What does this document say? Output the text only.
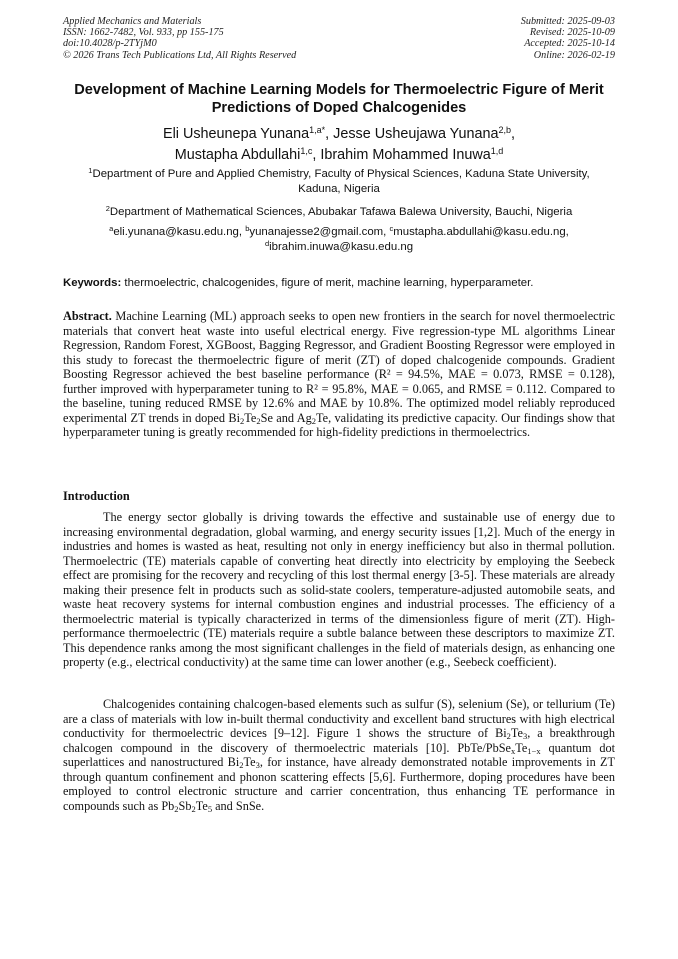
Applied Mechanics and Materials
ISSN: 1662-7482, Vol. 933, pp 155-175
doi:10.4028/p-2TYjM0
© 2026 Trans Tech Publications Ltd, All Rights Reserved
Submitted: 2025-09-03
Revised: 2025-10-09
Accepted: 2025-10-14
Online: 2026-02-19
Development of Machine Learning Models for Thermoelectric Figure of Merit Predictions of Doped Chalcogenides
Eli Usheunepa Yunana$^{1,a*}$, Jesse Usheujawa Yunana$^{2,b}$,
Mustapha Abdullahi$^{1,c}$, Ibrahim Mohammed Inuwa$^{1,d}$
$^1$Department of Pure and Applied Chemistry, Faculty of Physical Sciences, Kaduna State University, Kaduna, Nigeria
$^2$Department of Mathematical Sciences, Abubakar Tafawa Balewa University, Bauchi, Nigeria
$^a$eli.yunana@kasu.edu.ng, $^b$yunanajesse2@gmail.com, $^c$mustapha.abdullahi@kasu.edu.ng,
$^d$ibrahim.inuwa@kasu.edu.ng
Keywords: thermoelectric, chalcogenides, figure of merit, machine learning, hyperparameter.
Abstract. Machine Learning (ML) approach seeks to open new frontiers in the search for novel thermoelectric materials that convert heat waste into useful electrical energy. Five regression-type ML algorithms Linear Regression, Random Forest, XGBoost, Bagging Regressor, and Gradient Boosting Regressor were employed in this study to forecast the thermoelectric figure of merit (ZT) of doped chalcogenide compounds. Gradient Boosting Regressor achieved the best baseline performance (R² = 94.5%, MAE = 0.073, RMSE = 0.128), further improved with hyperparameter tuning to R² = 95.8%, MAE = 0.065, and RMSE = 0.112. Compared to the baseline, tuning reduced RMSE by 12.6% and MAE by 10.8%. The optimized model reliably reproduced experimental ZT trends in doped $Bi_2Te_2Se$ and $Ag_2Te$, validating its predictive capacity. Our findings show that hyperparameter tuning is greatly recommended for high-fidelity predictions in thermoelectrics.
Introduction

The energy sector globally is driving towards the effective and sustainable use of energy due to increasing environmental degradation, global warming, and energy security issues [1,2]. Much of the energy in industries and homes is wasted as heat, resulting not only in energy inefficiency but also in thermal pollution. Thermoelectric (TE) materials capable of converting heat directly into electricity by employing the Seebeck effect are promising for the recovery and recycling of this lost thermal energy [3-5]. These materials are already making their presence felt in products such as solid-state coolers, temperature-adjusted automobile seats, and waste heat recovery systems for internal combustion engines and industrial processes. The efficiency of a thermoelectric material is typically characterized in terms of the dimensionless figure of merit (ZT). High-performance thermoelectric (TE) materials require a subtle balance between these descriptors to maximize ZT. This dependence ranks among the most significant challenges in the field of materials design, as enhancing one property (e.g., electrical conductivity) at the same time can lower another (e.g., Seebeck coefficient).

Chalcogenides containing chalcogen-based elements such as sulfur (S), selenium (Se), or tellurium (Te) are a class of materials with low in-built thermal conductivity and excellent band structures with high electrical conductivity for thermoelectric devices [9–12]. Figure 1 shows the structure of $Bi_2Te_3$, a breakthrough chalcogen compound in the discovery of thermoelectric materials [10]. PbTe/$PbSe_xTe_{1-x}$ quantum dot superlattices and nanostructured $Bi_2Te_3$, for instance, have already demonstrated notable improvements in ZT through quantum confinement and phonon scattering effects [5,6]. Furthermore, doping procedures have been employed to control electronic structure and carrier concentration, thus enhancing TE performance in compounds such as $Pb_2Sb_2Te_5$ and SnSe.
